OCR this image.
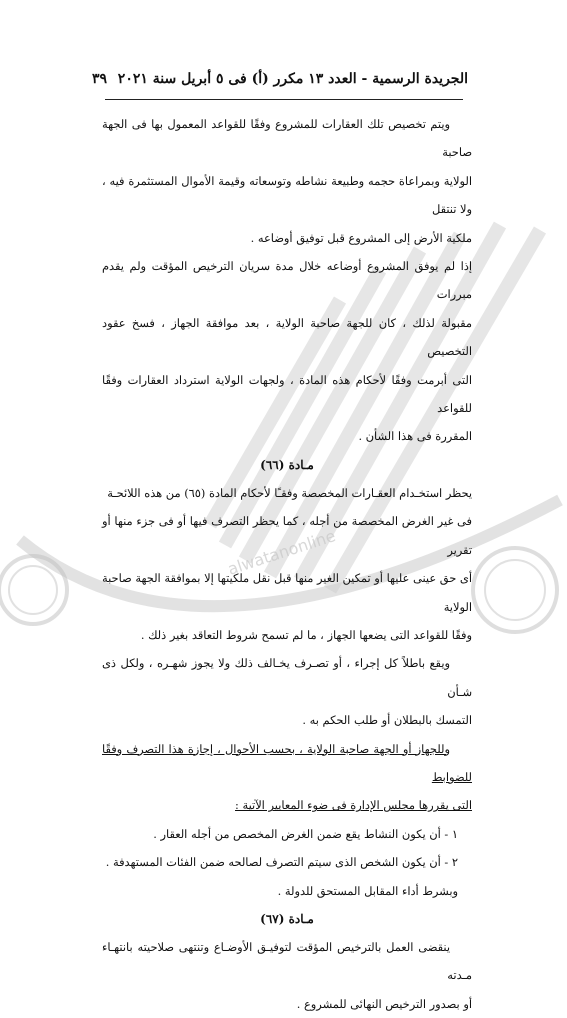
alwatanonline
الجريدة الرسمية - العدد ١٣ مكرر (أ) فى ٥ أبريل سنة ٢٠٢١
٣٩

ويتم تخصيص تلك العقارات للمشروع وفقًا للقواعد المعمول بها فى الجهة صاحبة

الولاية وبمراعاة حجمه وطبيعة نشاطه وتوسعاته وقيمة الأموال المستثمرة فيه ، ولا تنتقل

ملكية الأرض إلى المشروع قبل توفيق أوضاعه .

إذا لم يوفق المشروع أوضاعه خلال مدة سريان الترخيص المؤقت ولم يقدم مبررات

مقبولة لذلك ، كان للجهة صاحبة الولاية ، بعد موافقة الجهاز ، فسخ عقود التخصيص

التى أبرمت وفقًا لأحكام هذه المادة ، ولجهات الولاية استرداد العقارات وفقًا للقواعد

المقررة فى هذا الشأن .

مـادة (٦٦)

يحظر استخـدام العقـارات المخصصة وفقـًا لأحكام المادة (٦٥) من هذه اللائحـة

فى غير الغرض المخصصة من أجله ، كما يحظر التصرف فيها أو فى جزء منها أو تقرير

أى حق عينى عليها أو تمكين الغير منها قبل نقل ملكيتها إلا بموافقة الجهة صاحبة الولاية

وفقًا للقواعد التى يضعها الجهاز ، ما لم تسمح شروط التعاقد بغير ذلك .

ويقع باطلاً كل إجراء ، أو تصـرف يخـالف ذلك ولا يجوز شهـره ، ولكل ذى شـأن

التمسك بالبطلان أو طلب الحكم به .

وللجهاز أو الجهة صاحبة الولاية ، بحسب الأحوال ، إجازة هذا التصرف وفقًا للضوابط

التى يقررها مجلس الإدارة فى ضوء المعايير الآتية :

١ - أن يكون النشاط يقع ضمن الغرض المخصص من أجله العقار .

٢ - أن يكون الشخص الذى سيتم التصرف لصالحه ضمن الفئات المستهدفة .

وبشرط أداء المقابل المستحق للدولة .

مـادة (٦٧)

ينقضى العمل بالترخيص المؤقت لتوفيـق الأوضـاع وتنتهى صلاحيته بانتهـاء مـدته

أو بصدور الترخيص النهائى للمشروع .
